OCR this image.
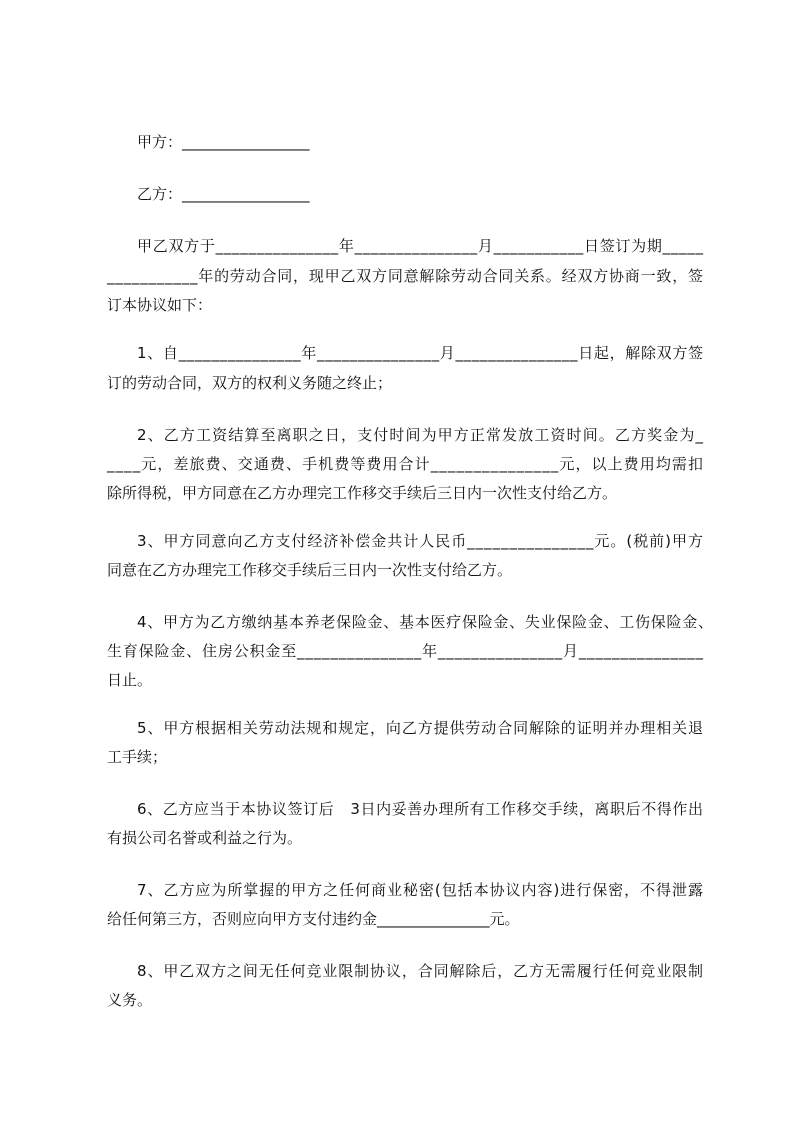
甲方：_________________
乙方：_________________
甲乙双方于_______________年_______________月___________日签订为期_____
___________年的劳动合同，现甲乙双方同意解除劳动合同关系。经双方协商一致，签
订本协议如下：
1、自_______________年_______________月_______________日起，解除双方签
订的劳动合同，双方的权利义务随之终止；
2、乙方工资结算至离职之日，支付时间为甲方正常发放工资时间。乙方奖金为_
____元，差旅费、交通费、手机费等费用合计_______________元，以上费用均需扣
除所得税，甲方同意在乙方办理完工作移交手续后三日内一次性支付给乙方。
3、甲方同意向乙方支付经济补偿金共计人民币_______________元。(税前)甲方
同意在乙方办理完工作移交手续后三日内一次性支付给乙方。
4、甲方为乙方缴纳基本养老保险金、基本医疗保险金、失业保险金、工伤保险金、
生育保险金、住房公积金至_______________年_______________月_______________
日止。
5、甲方根据相关劳动法规和规定，向乙方提供劳动合同解除的证明并办理相关退
工手续；
6、乙方应当于本协议签订后   3日内妥善办理所有工作移交手续，离职后不得作出
有损公司名誉或利益之行为。
7、乙方应为所掌握的甲方之任何商业秘密(包括本协议内容)进行保密，不得泄露
给任何第三方，否则应向甲方支付违约金_______________元。
8、甲乙双方之间无任何竞业限制协议，合同解除后，乙方无需履行任何竞业限制
义务。
